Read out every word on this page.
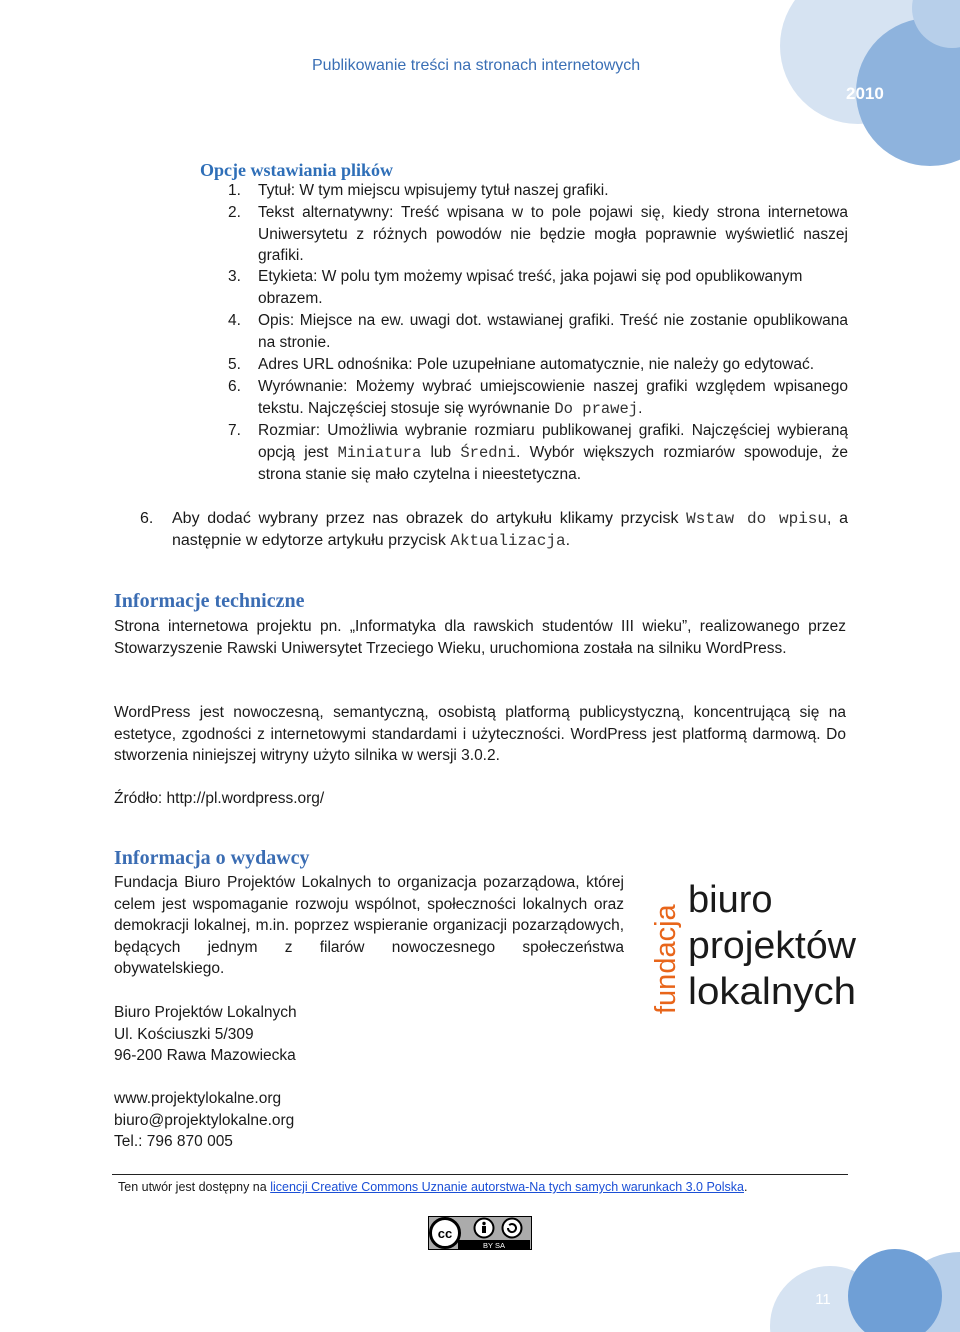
Publikowanie treści na stronach internetowych
2010
Opcje wstawiania plików
1. Tytuł: W tym miejscu wpisujemy tytuł naszej grafiki.
2. Tekst alternatywny: Treść wpisana w to pole pojawi się, kiedy strona internetowa Uniwersytetu z różnych powodów nie będzie mogła poprawnie wyświetlić naszej grafiki.
3. Etykieta: W polu tym możemy wpisać treść, jaka pojawi się pod opublikowanym obrazem.
4. Opis: Miejsce na ew. uwagi dot. wstawianej grafiki. Treść nie zostanie opublikowana na stronie.
5. Adres URL odnośnika: Pole uzupełniane automatycznie, nie należy go edytować.
6. Wyrównanie: Możemy wybrać umiejscowienie naszej grafiki względem wpisanego tekstu. Najczęściej stosuje się wyrównanie Do prawej.
7. Rozmiar: Umożliwia wybranie rozmiaru publikowanej grafiki. Najczęściej wybieraną opcją jest Miniatura lub Średni. Wybór większych rozmiarów spowoduje, że strona stanie się mało czytelna i nieestetyczna.
6. Aby dodać wybrany przez nas obrazek do artykułu klikamy przycisk Wstaw do wpisu, a następnie w edytorze artykułu przycisk Aktualizacja.
Informacje techniczne
Strona internetowa projektu pn. „Informatyka dla rawskich studentów III wieku”, realizowanego przez Stowarzyszenie Rawski Uniwersytet Trzeciego Wieku, uruchomiona została na silniku WordPress.
WordPress jest nowoczesną, semantyczną, osobistą platformą publicystyczną, koncentrującą się na estetyce, zgodności z internetowymi standardami i użyteczności. WordPress jest platformą darmową. Do stworzenia niniejszej witryny użyto silnika w wersji 3.0.2.
Źródło: http://pl.wordpress.org/
Informacja o wydawcy
Fundacja Biuro Projektów Lokalnych to organizacja pozarządowa, której celem jest wspomaganie rozwoju wspólnot, społeczności lokalnych oraz demokracji lokalnej, m.in. poprzez wspieranie organizacji pozarządowych, będących jednym z filarów nowoczesnego społeczeństwa obywatelskiego.	fundacja
biuro
projektów
lokalnych
Biuro Projektów Lokalnych
Ul. Kościuszki 5/309
96-200 Rawa Mazowiecka
www.projektylokalne.org
biuro@projektylokalne.org
Tel.: 796 870 005
Ten utwór jest dostępny na licencji Creative Commons Uznanie autorstwa-Na tych samych warunkach 3.0 Polska.
cc
BY SA
11
